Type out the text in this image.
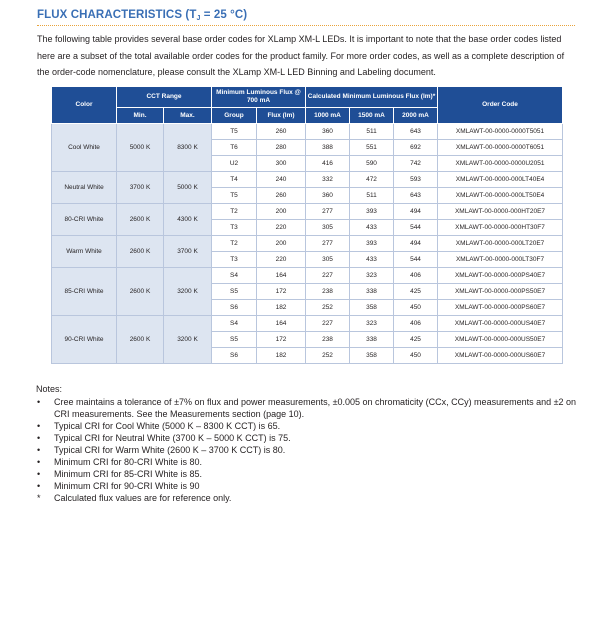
FLUX CHARACTERISTICS ($T_J = 25$ °C)
The following table provides several base order codes for XLamp XM-L LEDs. It is important to note that the base order codes listed here are a subset of the total available order codes for the product family. For more order codes, as well as a complete description of the order-code nomenclature, please consult the XLamp XM-L LED Binning and Labeling document.
Color	CCT Range		Minimum Luminous Flux @ 700 mA		Calculated Minimum Luminous Flux (lm)*			Order Code
	Min.	Max.	Group	Flux (lm)	1000 mA	1500 mA	2000 mA	
Cool White	5000 K	8300 K	T5	260	360	511	643	XMLAWT-00-0000-0000T5051
			T6	280	388	551	692	XMLAWT-00-0000-0000T6051
			U2	300	416	590	742	XMLAWT-00-0000-0000U2051
Neutral White	3700 K	5000 K	T4	240	332	472	593	XMLAWT-00-0000-000LT40E4
			T5	260	360	511	643	XMLAWT-00-0000-000LT50E4
80-CRI White	2600 K	4300 K	T2	200	277	393	494	XMLAWT-00-0000-000HT20E7
			T3	220	305	433	544	XMLAWT-00-0000-000HT30F7
Warm White	2600 K	3700 K	T2	200	277	393	494	XMLAWT-00-0000-000LT20E7
			T3	220	305	433	544	XMLAWT-00-0000-000LT30F7
85-CRI White	2600 K	3200 K	S4	164	227	323	406	XMLAWT-00-0000-000PS40E7
			S5	172	238	338	425	XMLAWT-00-0000-000PS50E7
			S6	182	252	358	450	XMLAWT-00-0000-000PS60E7
90-CRI White	2600 K	3200 K	S4	164	227	323	406	XMLAWT-00-0000-000US40E7
			S5	172	238	338	425	XMLAWT-00-0000-000US50E7
			S6	182	252	358	450	XMLAWT-00-0000-000US60E7
Notes:
• Cree maintains a tolerance of ±7% on flux and power measurements, ±0.005 on chromaticity (CCx, CCy) measurements and ±2 on CRI measurements. See the Measurements section (page 10).
• Typical CRI for Cool White (5000 K – 8300 K CCT) is 65.
• Typical CRI for Neutral White (3700 K – 5000 K CCT) is 75.
• Typical CRI for Warm White (2600 K – 3700 K CCT) is 80.
• Minimum CRI for 80-CRI White is 80.
• Minimum CRI for 85-CRI White is 85.
• Minimum CRI for 90-CRI White is 90
* Calculated flux values are for reference only.
